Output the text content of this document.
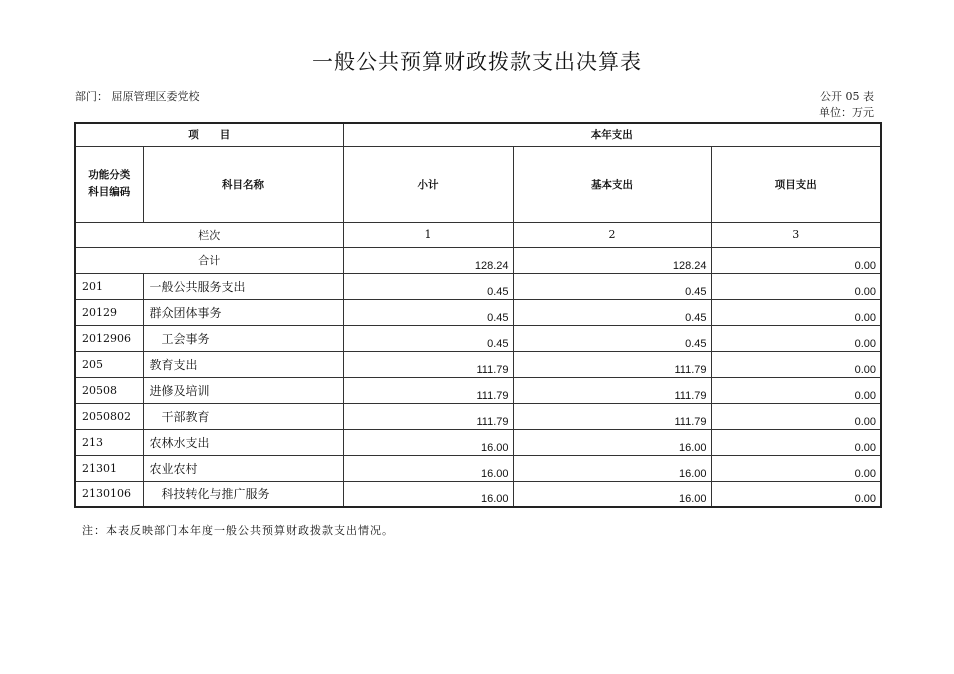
一般公共预算财政拨款支出决算表
部门： 屈原管理区委党校	公开 05 表
单位：万元
项　　目		本年支出		
功能分类
科目编码	科目名称	小计	基本支出	项目支出
栏次		1	2	3
合计		128.24	128.24	0.00
201	一般公共服务支出	0.45	0.45	0.00
20129	群众团体事务	0.45	0.45	0.00
2012906	工会事务	0.45	0.45	0.00
205	教育支出	111.79	111.79	0.00
20508	进修及培训	111.79	111.79	0.00
2050802	干部教育	111.79	111.79	0.00
213	农林水支出	16.00	16.00	0.00
21301	农业农村	16.00	16.00	0.00
2130106	科技转化与推广服务	16.00	16.00	0.00
注：本表反映部门本年度一般公共预算财政拨款支出情况。
